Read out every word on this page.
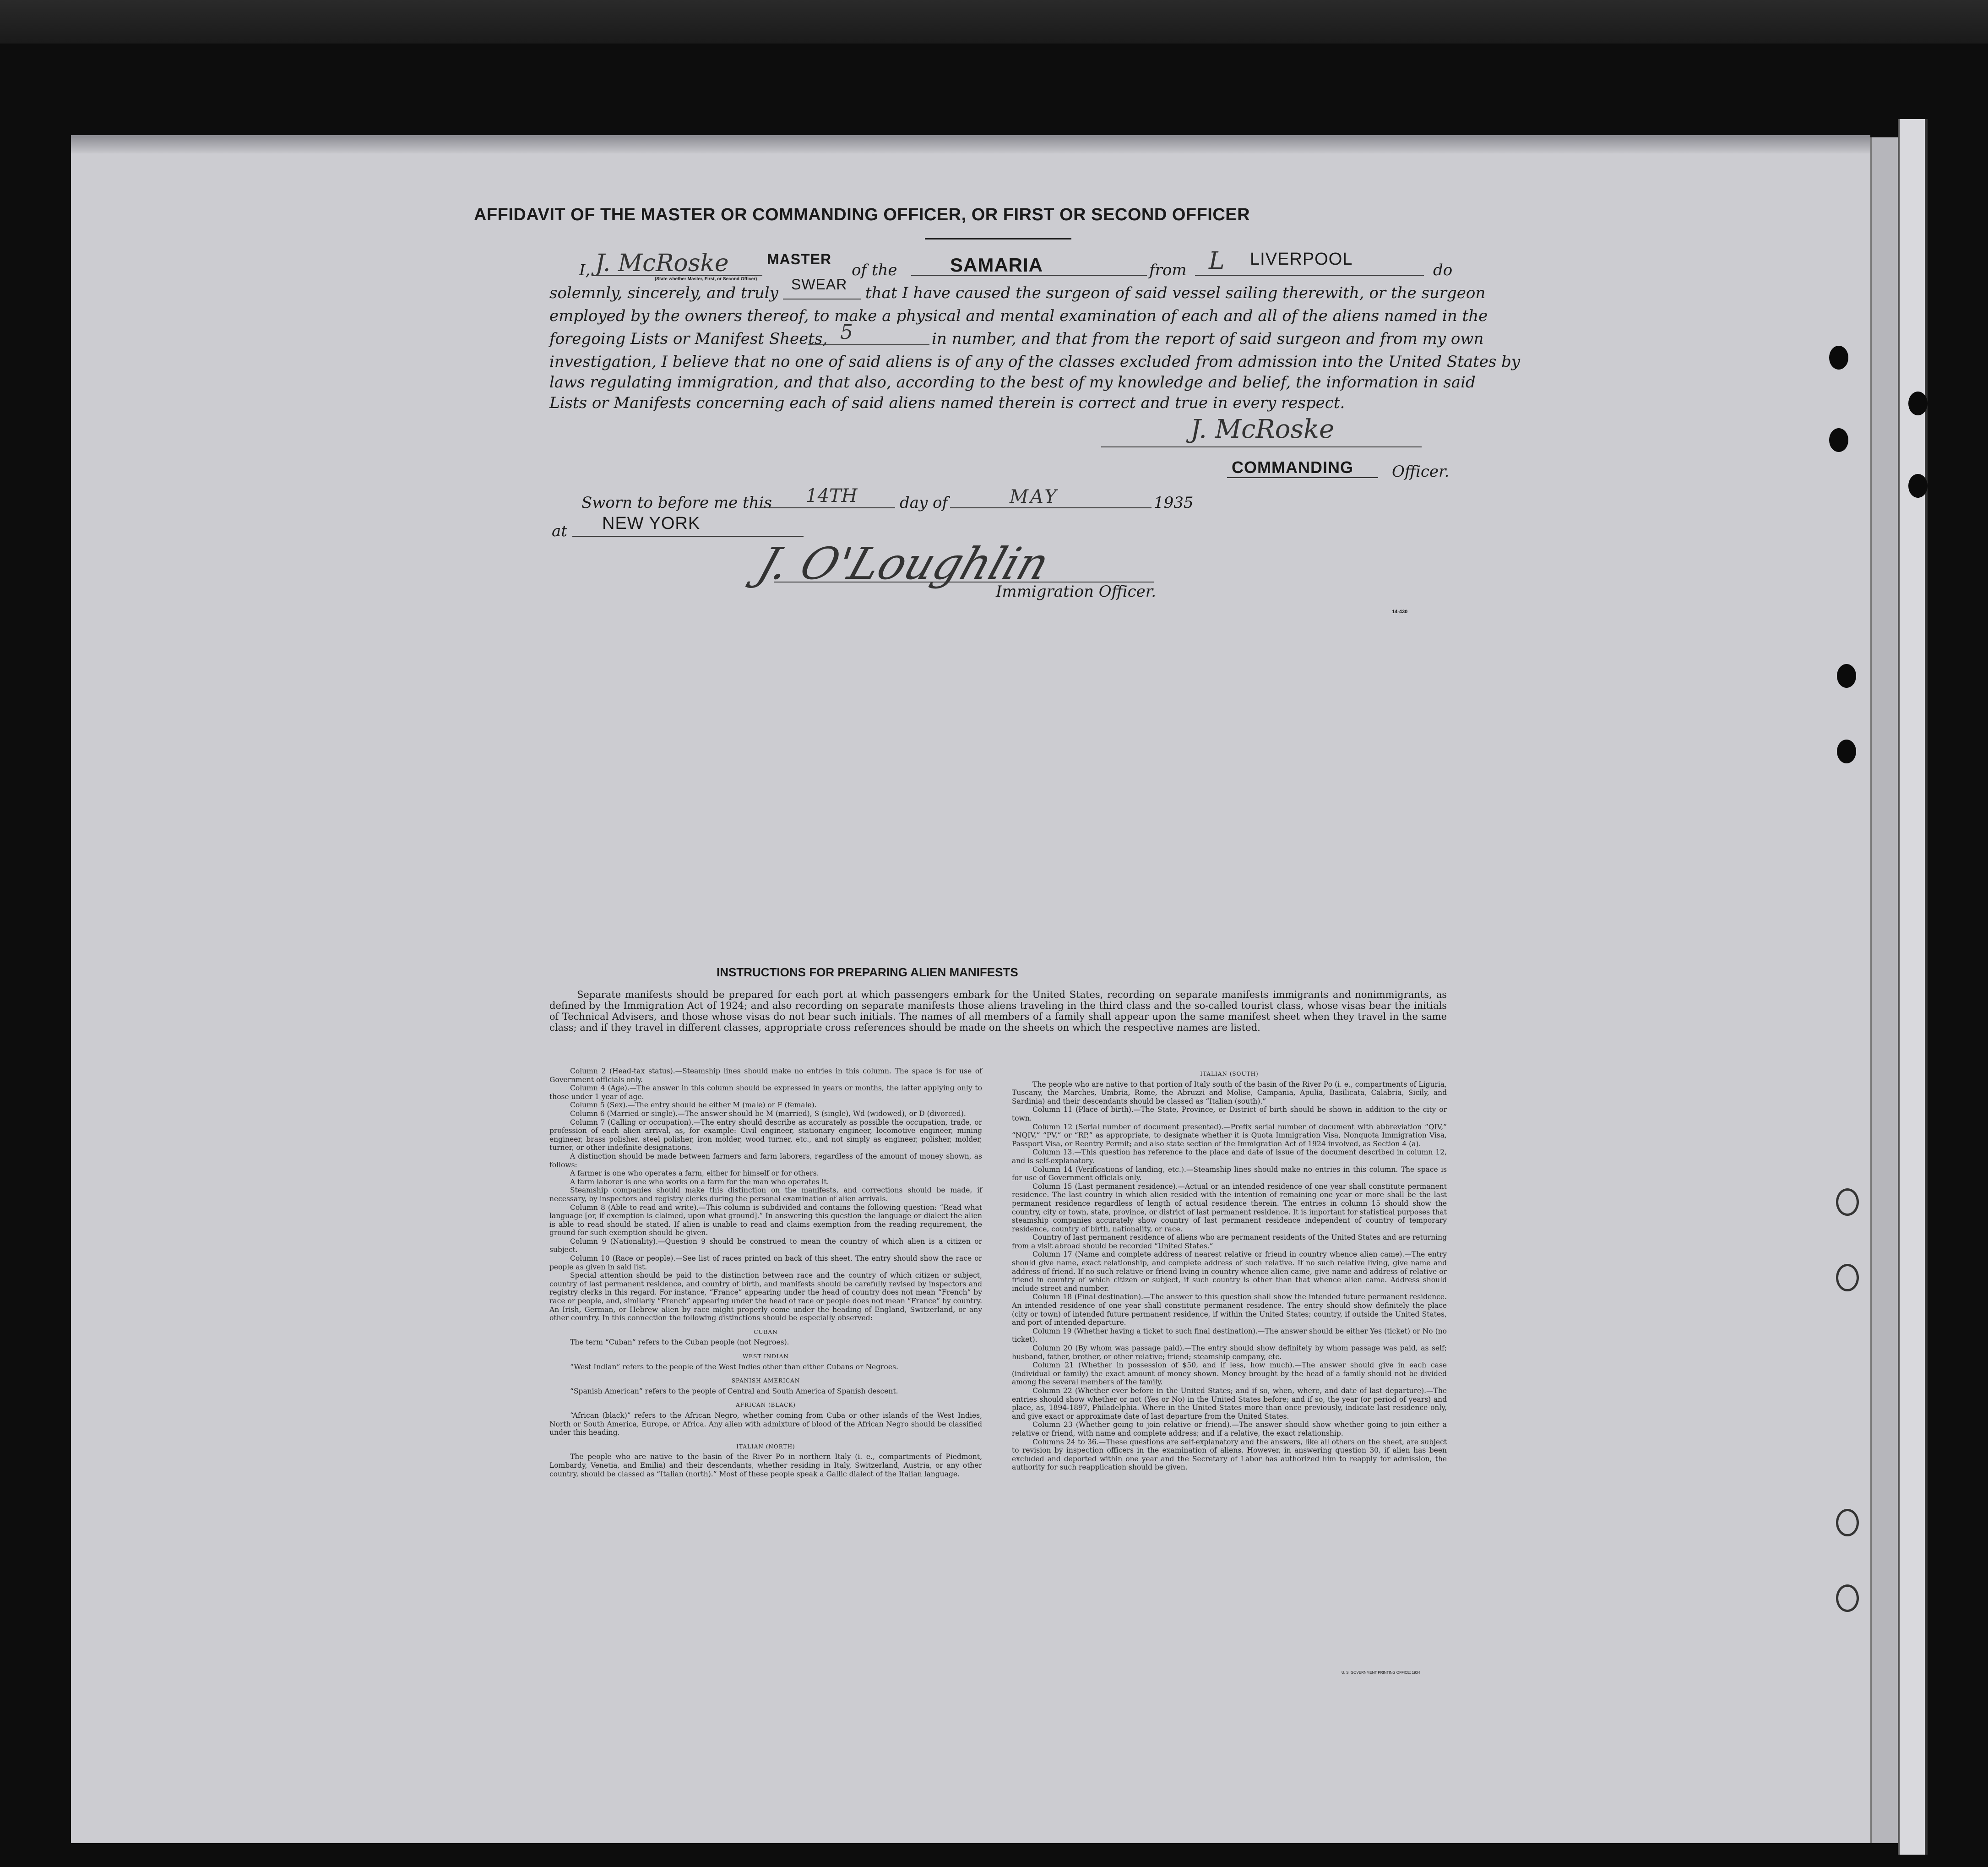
AFFIDAVIT OF THE MASTER OR COMMANDING OFFICER, OR FIRST OR SECOND OFFICER
I, J. McRoske	MASTER
(State whether Master, First, or Second Officer)	of the	SAMARIA	from L LIVERPOOL
do
solemnly, sincerely, and truly SWEAR that I have caused the surgeon of said vessel sailing therewith, or the surgeon
employed by the owners thereof, to make a physical and mental examination of each and all of the aliens named in the
foregoing Lists or Manifest Sheets, 5	in number, and that from the report of said surgeon and from my own
investigation, I believe that no one of said aliens is of any of the classes excluded from admission into the United States by
laws regulating immigration, and that also, according to the best of my knowledge and belief, the information in said
Lists or Manifests concerning each of said aliens named therein is correct and true in every respect.
J. McRoske
COMMANDING Officer.
Sworn to before me this 14TH	day of	MAY	1935
at NEW YORK
J. O'Loughlin
Immigration Officer.
14-430
INSTRUCTIONS FOR PREPARING ALIEN MANIFESTS
Separate manifests should be prepared for each port at which passengers embark for the United States, recording on separate manifests immigrants and nonimmigrants, as defined by the Immigration Act of 1924; and also recording on separate manifests those aliens traveling in the third class and the so-called tourist class, whose visas bear the initials of Technical Advisers, and those whose visas do not bear such initials. The names of all members of a family shall appear upon the same manifest sheet when they travel in the same class; and if they travel in different classes, appropriate cross references should be made on the sheets on which the respective names are listed.

Column 2 (Head-tax status).—Steamship lines should make no entries in this column. The space is for use of Government officials only.

Column 4 (Age).—The answer in this column should be expressed in years or months, the latter applying only to those under 1 year of age.

Column 5 (Sex).—The entry should be either M (male) or F (female).

Column 6 (Married or single).—The answer should be M (married), S (single), Wd (widowed), or D (divorced).

Column 7 (Calling or occupation).—The entry should describe as accurately as possible the occupation, trade, or profession of each alien arrival, as, for example: Civil engineer, stationary engineer, locomotive engineer, mining engineer, brass polisher, steel polisher, iron molder, wood turner, etc., and not simply as engineer, polisher, molder, turner, or other indefinite designations.

A distinction should be made between farmers and farm laborers, regardless of the amount of money shown, as follows:

A farmer is one who operates a farm, either for himself or for others.

A farm laborer is one who works on a farm for the man who operates it.

Steamship companies should make this distinction on the manifests, and corrections should be made, if necessary, by inspectors and registry clerks during the personal examination of alien arrivals.

Column 8 (Able to read and write).—This column is subdivided and contains the following question: “Read what language [or, if exemption is claimed, upon what ground].” In answering this question the language or dialect the alien is able to read should be stated. If alien is unable to read and claims exemption from the reading requirement, the ground for such exemption should be given.

Column 9 (Nationality).—Question 9 should be construed to mean the country of which alien is a citizen or subject.

Column 10 (Race or people).—See list of races printed on back of this sheet. The entry should show the race or people as given in said list.

Special attention should be paid to the distinction between race and the country of which citizen or subject, country of last permanent residence, and country of birth, and manifests should be carefully revised by inspectors and registry clerks in this regard. For instance, “France” appearing under the head of country does not mean “French” by race or people, and, similarly “French” appearing under the head of race or people does not mean “France” by country. An Irish, German, or Hebrew alien by race might properly come under the heading of England, Switzerland, or any other country. In this connection the following distinctions should be especially observed:

CUBAN

The term “Cuban” refers to the Cuban people (not Negroes).

WEST INDIAN

“West Indian” refers to the people of the West Indies other than either Cubans or Negroes.

SPANISH AMERICAN

“Spanish American” refers to the people of Central and South America of Spanish descent.

AFRICAN (BLACK)

“African (black)” refers to the African Negro, whether coming from Cuba or other islands of the West Indies, North or South America, Europe, or Africa. Any alien with admixture of blood of the African Negro should be classified under this heading.

ITALIAN (NORTH)

The people who are native to the basin of the River Po in northern Italy (i. e., compartments of Piedmont, Lombardy, Venetia, and Emilia) and their descendants, whether residing in Italy, Switzerland, Austria, or any other country, should be classed as “Italian (north).” Most of these people speak a Gallic dialect of the Italian language.

ITALIAN (SOUTH)

The people who are native to that portion of Italy south of the basin of the River Po (i. e., compartments of Liguria, Tuscany, the Marches, Umbria, Rome, the Abruzzi and Molise, Campania, Apulia, Basilicata, Calabria, Sicily, and Sardinia) and their descendants should be classed as “Italian (south).”

Column 11 (Place of birth).—The State, Province, or District of birth should be shown in addition to the city or town.

Column 12 (Serial number of document presented).—Prefix serial number of document with abbreviation “QIV,” “NQIV,” “PV,” or “RP,” as appropriate, to designate whether it is Quota Immigration Visa, Nonquota Immigration Visa, Passport Visa, or Reentry Permit; and also state section of the Immigration Act of 1924 involved, as Section 4 (a).

Column 13.—This question has reference to the place and date of issue of the document described in column 12, and is self-explanatory.

Column 14 (Verifications of landing, etc.).—Steamship lines should make no entries in this column. The space is for use of Government officials only.

Column 15 (Last permanent residence).—Actual or an intended residence of one year shall constitute permanent residence. The last country in which alien resided with the intention of remaining one year or more shall be the last permanent residence regardless of length of actual residence therein. The entries in column 15 should show the country, city or town, state, province, or district of last permanent residence. It is important for statistical purposes that steamship companies accurately show country of last permanent residence independent of country of temporary residence, country of birth, nationality, or race.

Country of last permanent residence of aliens who are permanent residents of the United States and are returning from a visit abroad should be recorded “United States.”

Column 17 (Name and complete address of nearest relative or friend in country whence alien came).—The entry should give name, exact relationship, and complete address of such relative. If no such relative living, give name and address of friend. If no such relative or friend living in country whence alien came, give name and address of relative or friend in country of which citizen or subject, if such country is other than that whence alien came. Address should include street and number.

Column 18 (Final destination).—The answer to this question shall show the intended future permanent residence. An intended residence of one year shall constitute permanent residence. The entry should show definitely the place (city or town) of intended future permanent residence, if within the United States; country, if outside the United States, and port of intended departure.

Column 19 (Whether having a ticket to such final destination).—The answer should be either Yes (ticket) or No (no ticket).

Column 20 (By whom was passage paid).—The entry should show definitely by whom passage was paid, as self; husband, father, brother, or other relative; friend; steamship company, etc.

Column 21 (Whether in possession of $50, and if less, how much).—The answer should give in each case (individual or family) the exact amount of money shown. Money brought by the head of a family should not be divided among the several members of the family.

Column 22 (Whether ever before in the United States; and if so, when, where, and date of last departure).—The entries should show whether or not (Yes or No) in the United States before; and if so, the year (or period of years) and place, as, 1894-1897, Philadelphia. Where in the United States more than once previously, indicate last residence only, and give exact or approximate date of last departure from the United States.

Column 23 (Whether going to join relative or friend).—The answer should show whether going to join either a relative or friend, with name and complete address; and if a relative, the exact relationship.

Columns 24 to 36.—These questions are self-explanatory and the answers, like all others on the sheet, are subject to revision by inspection officers in the examination of aliens. However, in answering question 30, if alien has been excluded and deported within one year and the Secretary of Labor has authorized him to reapply for admission, the authority for such reapplication should be given.

U. S. GOVERNMENT PRINTING OFFICE: 1934
